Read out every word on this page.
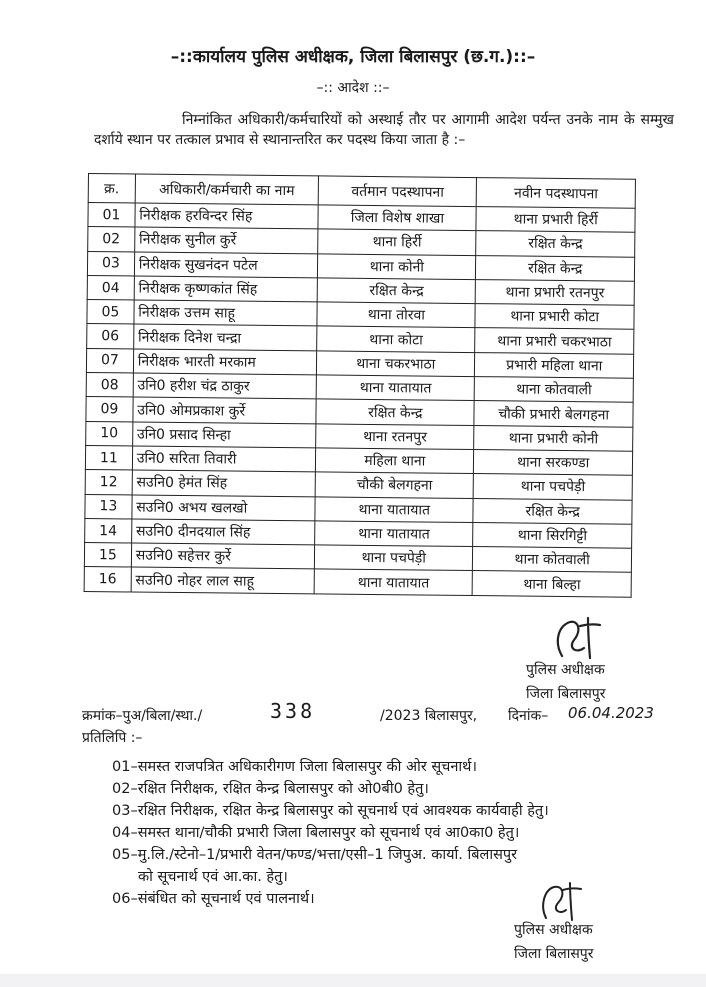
–::कार्यालय पुलिस अधीक्षक, जिला बिलासपुर (छ.ग.)::–
–:: आदेश ::–
निम्नांकित अधिकारी/कर्मचारियों को अस्थाई तौर पर आगामी आदेश पर्यन्त उनके नाम के सम्मुख दर्शाये स्थान पर तत्काल प्रभाव से स्थानान्तरित कर पदस्थ किया जाता है :–
क्र.	अधिकारी/कर्मचारी का नाम	वर्तमान पदस्थापना	नवीन पदस्थापना
01	निरीक्षक हरविन्दर सिंह	जिला विशेष शाखा	थाना प्रभारी हिर्री
02	निरीक्षक सुनील कुर्रे	थाना हिर्री	रक्षित केन्द्र
03	निरीक्षक सुखनंदन पटेल	थाना कोनी	रक्षित केन्द्र
04	निरीक्षक कृष्णकांत सिंह	रक्षित केन्द्र	थाना प्रभारी रतनपुर
05	निरीक्षक उत्तम साहू	थाना तोरवा	थाना प्रभारी कोटा
06	निरीक्षक दिनेश चन्द्रा	थाना कोटा	थाना प्रभारी चकरभाठा
07	निरीक्षक भारती मरकाम	थाना चकरभाठा	प्रभारी महिला थाना
08	उनि0 हरीश चंद्र ठाकुर	थाना यातायात	थाना कोतवाली
09	उनि0 ओमप्रकाश कुर्रे	रक्षित केन्द्र	चौकी प्रभारी बेलगहना
10	उनि0 प्रसाद सिन्हा	थाना रतनपुर	थाना प्रभारी कोनी
11	उनि0 सरिता तिवारी	महिला थाना	थाना सरकण्डा
12	सउनि0 हेमंत सिंह	चौकी बेलगहना	थाना पचपेड़ी
13	सउनि0 अभय खलखो	थाना यातायात	रक्षित केन्द्र
14	सउनि0 दीनदयाल सिंह	थाना यातायात	थाना सिरगिट्टी
15	सउनि0 सहेत्तर कुर्रे	थाना पचपेड़ी	थाना कोतवाली
16	सउनि0 नोहर लाल साहू	थाना यातायात	थाना बिल्हा
पुलिस अधीक्षक
जिला बिलासपुर
क्रमांक–पुअ/बिला/स्था./	338	/2023 बिलासपुर, दिनांक– 06.04.2023
प्रतिलिपि :–
01–समस्त राजपत्रित अधिकारीगण जिला बिलासपुर की ओर सूचनार्थ।
02–रक्षित निरीक्षक, रक्षित केन्द्र बिलासपुर को ओ0बी0 हेतु।
03–रक्षित निरीक्षक, रक्षित केन्द्र बिलासपुर को सूचनार्थ एवं आवश्यक कार्यवाही हेतु।
04–समस्त थाना/चौकी प्रभारी जिला बिलासपुर को सूचनार्थ एवं आ0का0 हेतु।
05–मु.लि./स्टेनो–1/प्रभारी वेतन/फण्ड/भत्ता/एसी–1 जिपुअ. कार्या. बिलासपुर
को सूचनार्थ एवं आ.का. हेतु।
06–संबंधित को सूचनार्थ एवं पालनार्थ।
पुलिस अधीक्षक
जिला बिलासपुर
